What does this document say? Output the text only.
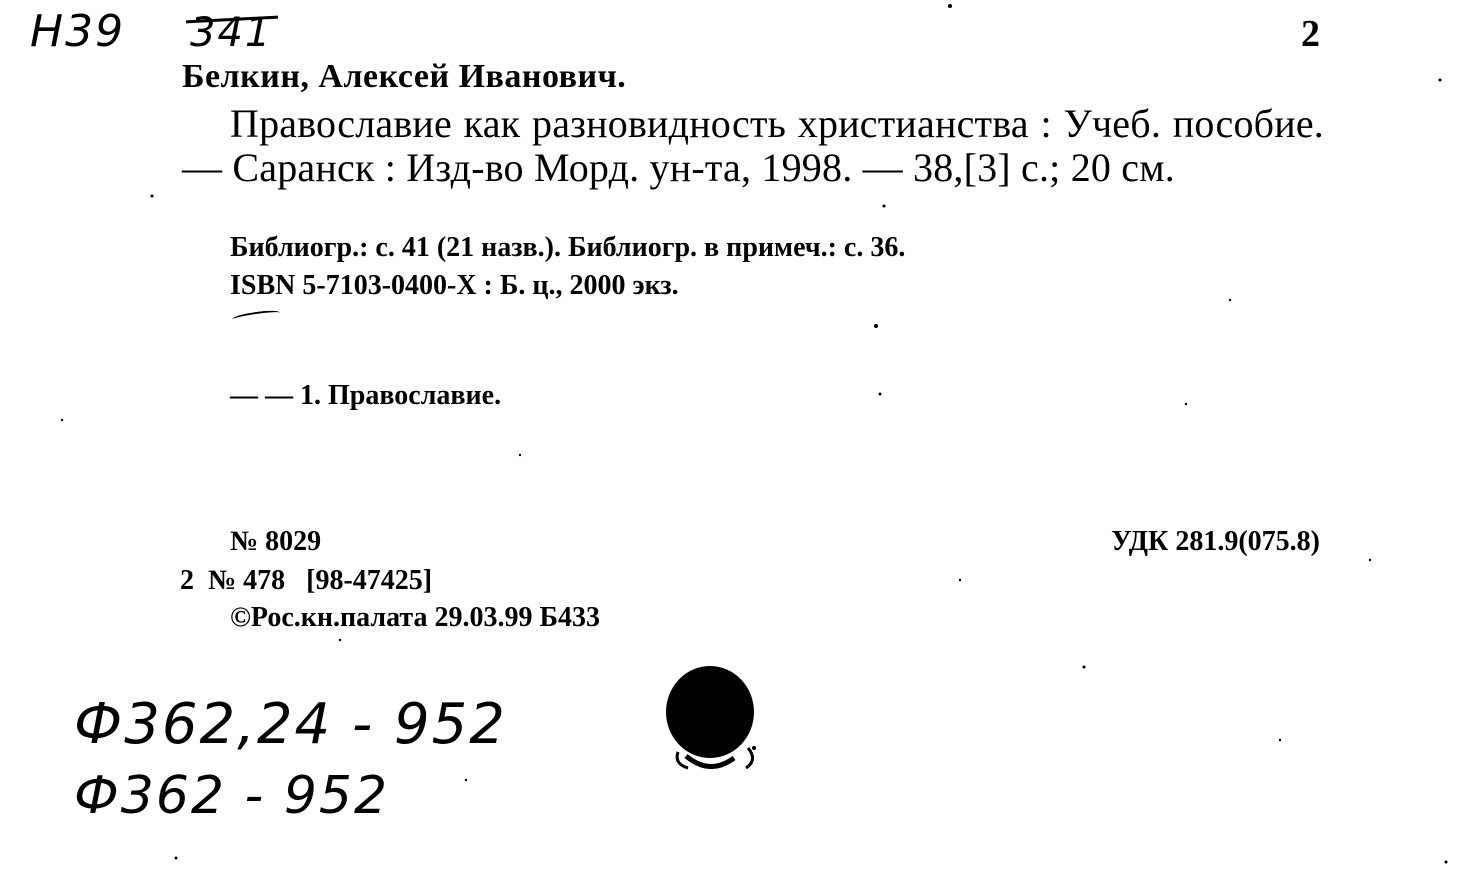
Н39 341	2
Белкин, Алексей Иванович.
Православие как разновидность христианства : Учеб. пособие. — Саранск : Изд-во Морд. ун-та, 1998. — 38,[3] с.; 20 см.
Библиогр.: с. 41 (21 назв.). Библиогр. в примеч.: с. 36.
ISBN 5-7103-0400-X : Б. ц., 2000 экз.
— — 1. Православие.
№ 8029
2  № 478   [98-47425]
©Рос.кн.палата 29.03.99 Б433
УДК 281.9(075.8)
Ф362,24 - 952
Ф362 - 952
